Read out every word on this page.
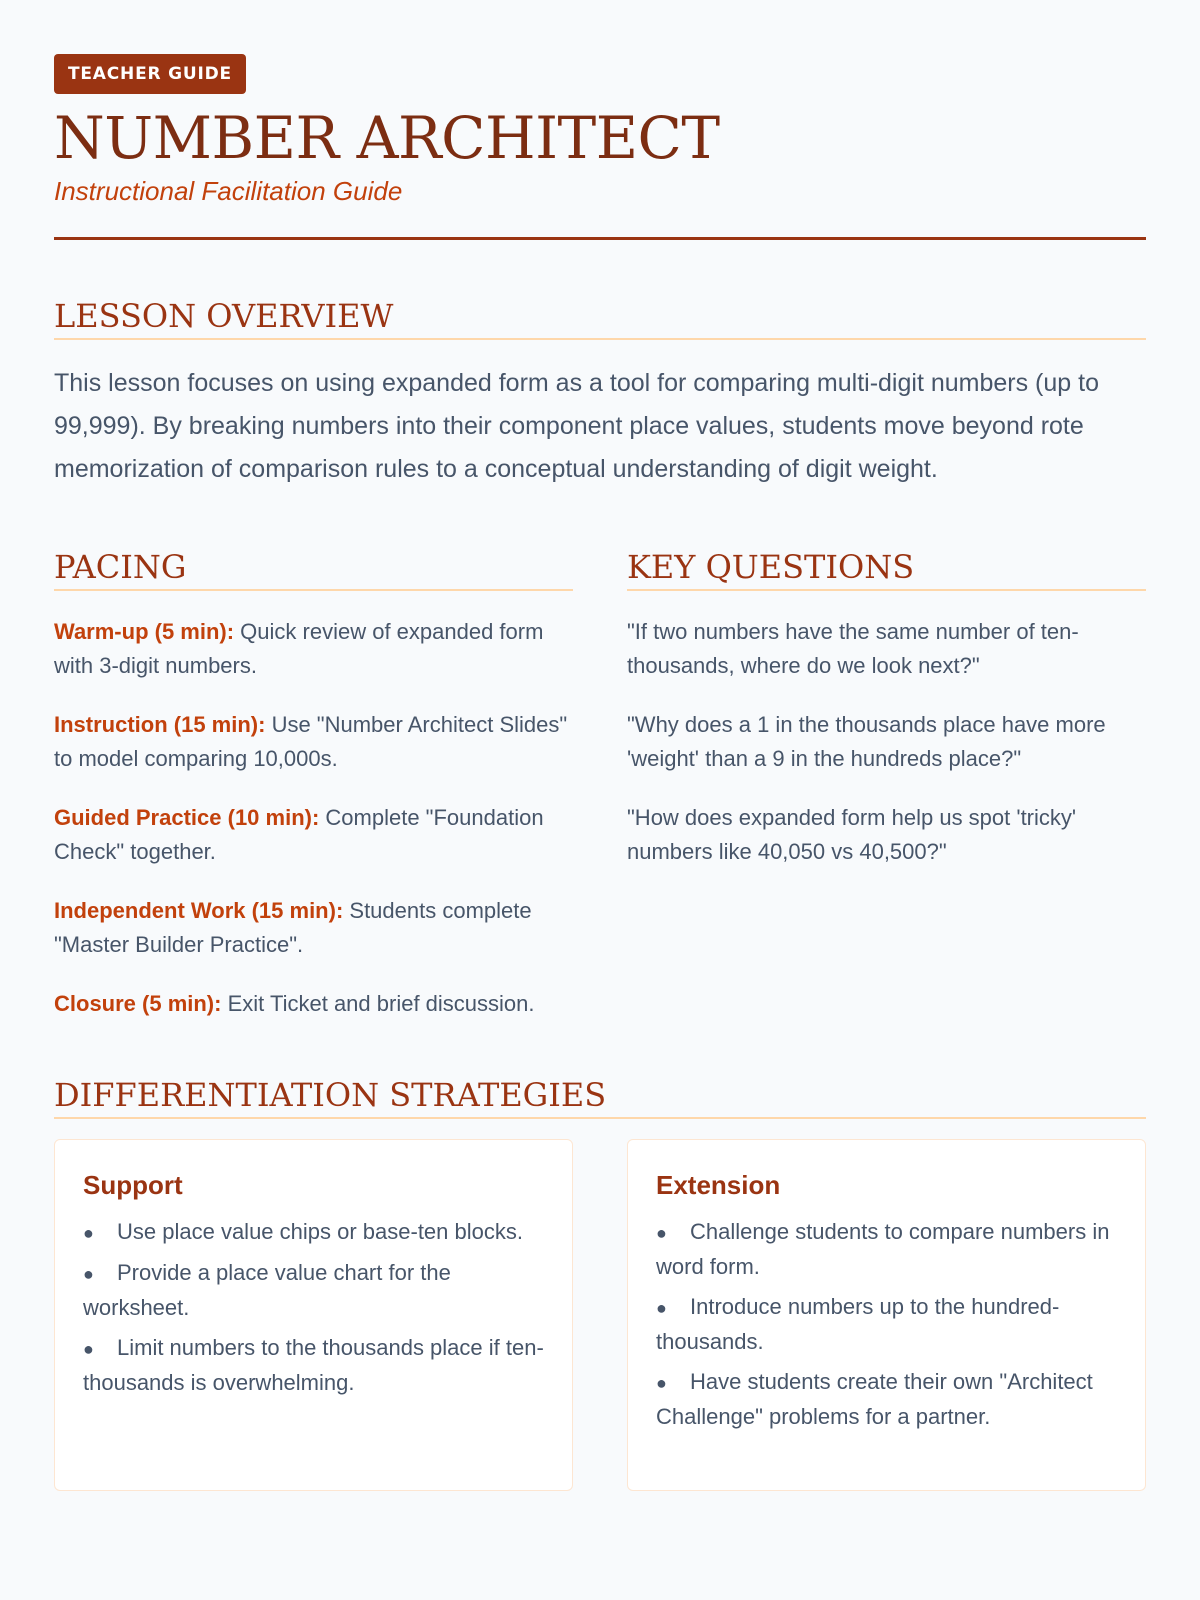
TEACHER GUIDE
NUMBER ARCHITECT
Instructional Facilitation Guide
LESSON OVERVIEW
This lesson focuses on using expanded form as a tool for comparing multi-digit numbers (up to 99,999). By breaking numbers into their component place values, students move beyond rote memorization of comparison rules to a conceptual understanding of digit weight.
PACING
Warm-up (5 min): Quick review of expanded form with 3-digit numbers.
Instruction (15 min): Use "Number Architect Slides" to model comparing 10,000s.
Guided Practice (10 min): Complete "Foundation Check" together.
Independent Work (15 min): Students complete "Master Builder Practice".
Closure (5 min): Exit Ticket and brief discussion.
KEY QUESTIONS
"If two numbers have the same number of ten-thousands, where do we look next?"
"Why does a 1 in the thousands place have more 'weight' than a 9 in the hundreds place?"
"How does expanded form help us spot 'tricky' numbers like 40,050 vs 40,500?"
DIFFERENTIATION STRATEGIES
Support
● Use place value chips or base-ten blocks.
● Provide a place value chart for the worksheet.
● Limit numbers to the thousands place if ten-thousands is overwhelming.
Extension
● Challenge students to compare numbers in word form.
● Introduce numbers up to the hundred-thousands.
● Have students create their own "Architect Challenge" problems for a partner.
